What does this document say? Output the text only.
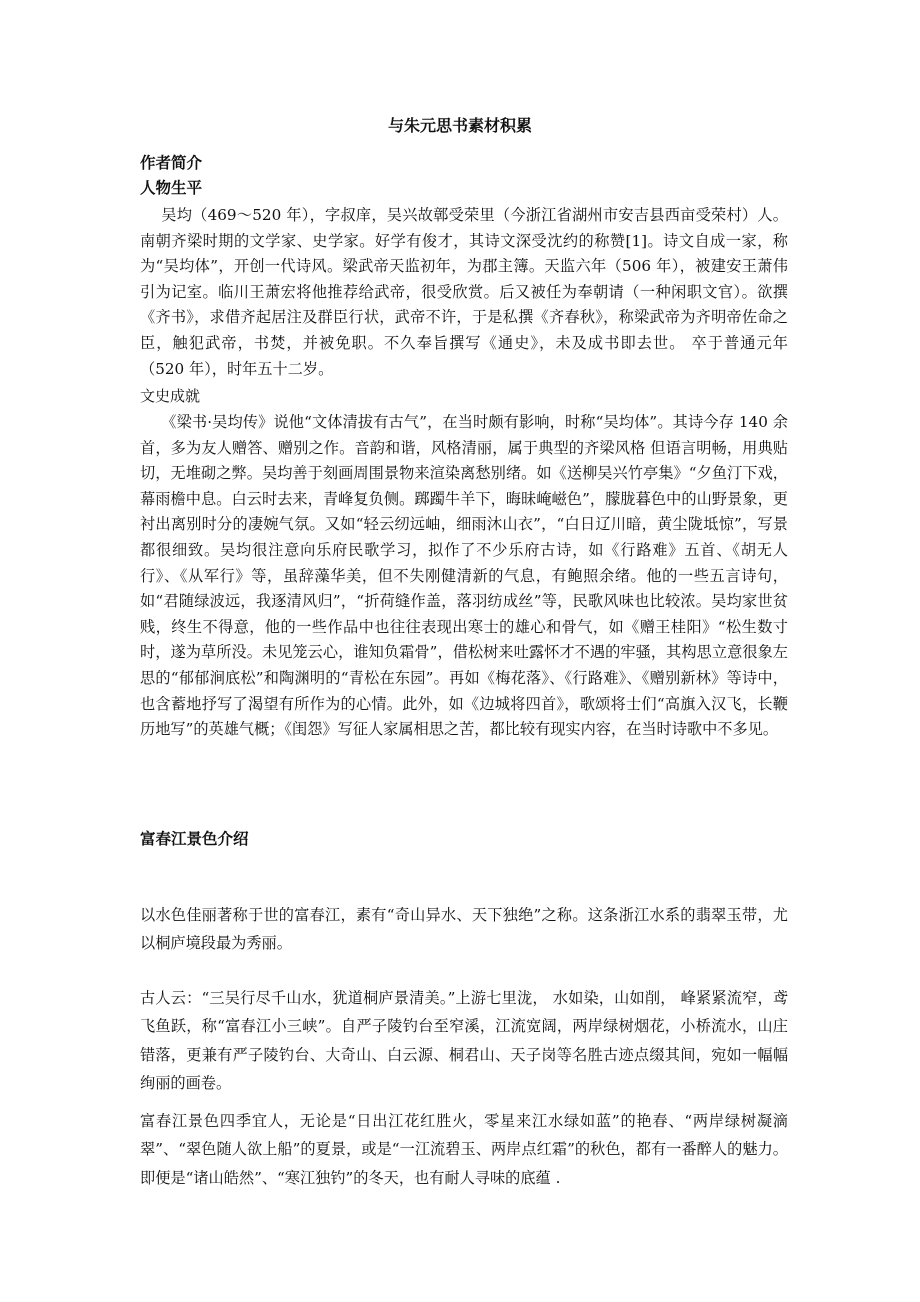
与朱元思书素材积累
作者简介
人物生平

吴均（469～520 年），字叔庠，吴兴故鄣受荣里（今浙江省湖州市安吉县西亩受荣村）人。南朝齐梁时期的文学家、史学家。好学有俊才，其诗文深受沈约的称赞[1]。诗文自成一家，称为“吴均体”，开创一代诗风。梁武帝天监初年，为郡主簿。天监六年（506 年），被建安王萧伟引为记室。临川王萧宏将他推荐给武帝，很受欣赏。后又被任为奉朝请（一种闲职文官）。欲撰《齐书》，求借齐起居注及群臣行状，武帝不许，于是私撰《齐春秋》，称梁武帝为齐明帝佐命之臣，触犯武帝，书焚，并被免职。不久奉旨撰写《通史》，未及成书即去世。 卒于普通元年（520 年），时年五十二岁。

文史成就

《梁书·吴均传》说他“文体清拔有古气”，在当时颇有影响，时称“吴均体”。其诗今存 140 余首，多为友人赠答、赠别之作。音韵和谐，风格清丽，属于典型的齐梁风格 但语言明畅，用典贴切，无堆砌之弊。吴均善于刻画周围景物来渲染离愁别绪。如《送柳吴兴竹亭集》“夕鱼汀下戏，幕雨檐中息。白云时去来，青峰复负侧。踯躅牛羊下，晦昧崦嵫色”，朦胧暮色中的山野景象，更衬出离别时分的凄婉气氛。又如“轻云纫远岫，细雨沐山衣”，“白日辽川暗，黄尘陇坻惊”，写景都很细致。吴均很注意向乐府民歌学习，拟作了不少乐府古诗，如《行路难》五首、《胡无人行》、《从军行》等，虽辞藻华美，但不失刚健清新的气息，有鲍照余绪。他的一些五言诗句，如“君随绿波远，我逐清风归”，“折荷缝作盖，落羽纺成丝”等，民歌风味也比较浓。吴均家世贫贱，终生不得意，他的一些作品中也往往表现出寒士的雄心和骨气，如《赠王桂阳》“松生数寸时，遂为草所没。未见笼云心，谁知负霜骨”，借松树来吐露怀才不遇的牢骚，其构思立意很象左思的“郁郁涧底松”和陶渊明的“青松在东园”。再如《梅花落》、《行路难》、《赠别新林》等诗中，也含蓄地抒写了渴望有所作为的心情。此外，如《边城将四首》，歌颂将士们“高旗入汉飞，长鞭历地写”的英雄气概；《闺怨》写征人家属相思之苦，都比较有现实内容，在当时诗歌中不多见。

富春江景色介绍

以水色佳丽著称于世的富春江，素有“奇山异水、天下独绝”之称。这条浙江水系的翡翠玉带，尤以桐庐境段最为秀丽。

古人云：“三吴行尽千山水，犹道桐庐景清美。”上游七里泷， 水如染，山如削， 峰紧紧流窄，鸢飞鱼跃，称“富春江小三峡”。自严子陵钓台至窄溪，江流宽阔，两岸绿树烟花，小桥流水，山庄错落，更兼有严子陵钓台、大奇山、白云源、桐君山、天子岗等名胜古迹点缀其间，宛如一幅幅绚丽的画卷。

富春江景色四季宜人，无论是“日出江花红胜火，零星来江水绿如蓝”的艳春、“两岸绿树凝滴翠”、“翠色随人欲上船”的夏景，或是“一江流碧玉、两岸点红霜”的秋色，都有一番醉人的魅力。即便是“诸山皓然”、“寒江独钓”的冬天，也有耐人寻味的底蕴 .
